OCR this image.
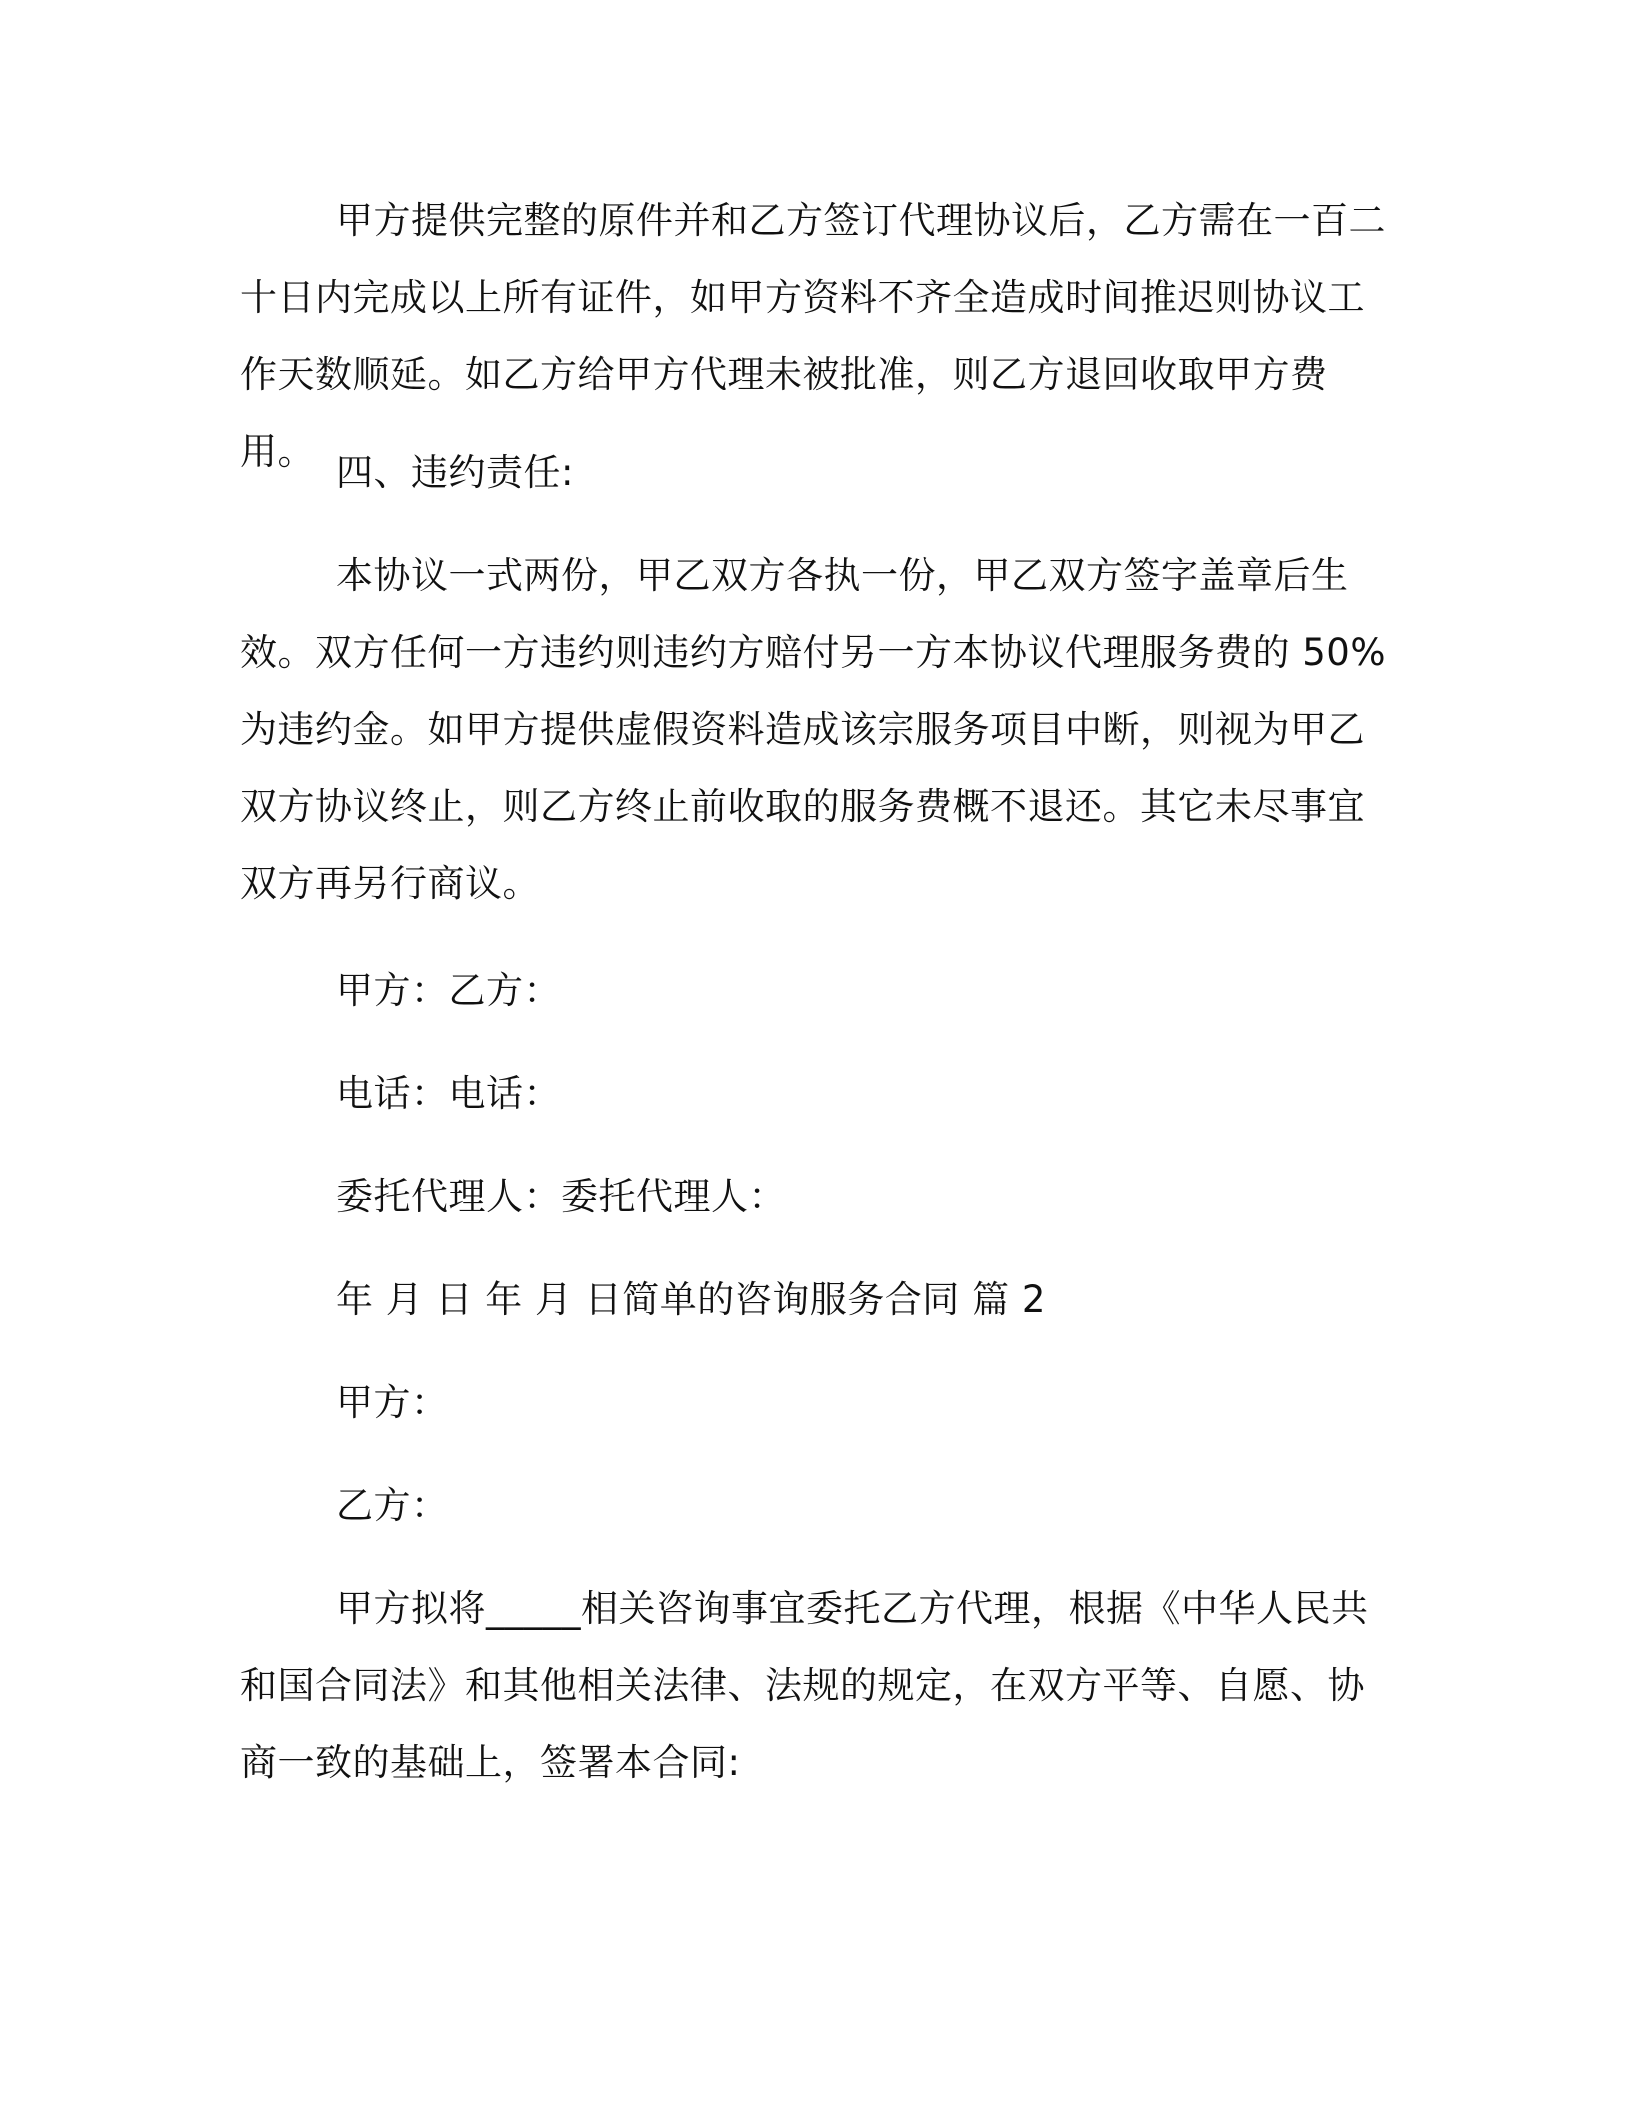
甲方提供完整的原件并和乙方签订代理协议后，乙方需在一百二十日内完成以上所有证件，如甲方资料不齐全造成时间推迟则协议工作天数顺延。如乙方给甲方代理未被批准，则乙方退回收取甲方费用。 四、违约责任:

本协议一式两份，甲乙双方各执一份，甲乙双方签字盖章后生效。双方任何一方违约则违约方赔付另一方本协议代理服务费的 50%为违约金。如甲方提供虚假资料造成该宗服务项目中断，则视为甲乙双方协议终止，则乙方终止前收取的服务费概不退还。其它未尽事宜双方再另行商议。

甲方：乙方：

电话：电话：

委托代理人：委托代理人：

年 月 日 年 月 日简单的咨询服务合同 篇 2

甲方：

乙方：

甲方拟将_____相关咨询事宜委托乙方代理，根据《中华人民共和国合同法》和其他相关法律、法规的规定，在双方平等、自愿、协商一致的基础上，签署本合同:
